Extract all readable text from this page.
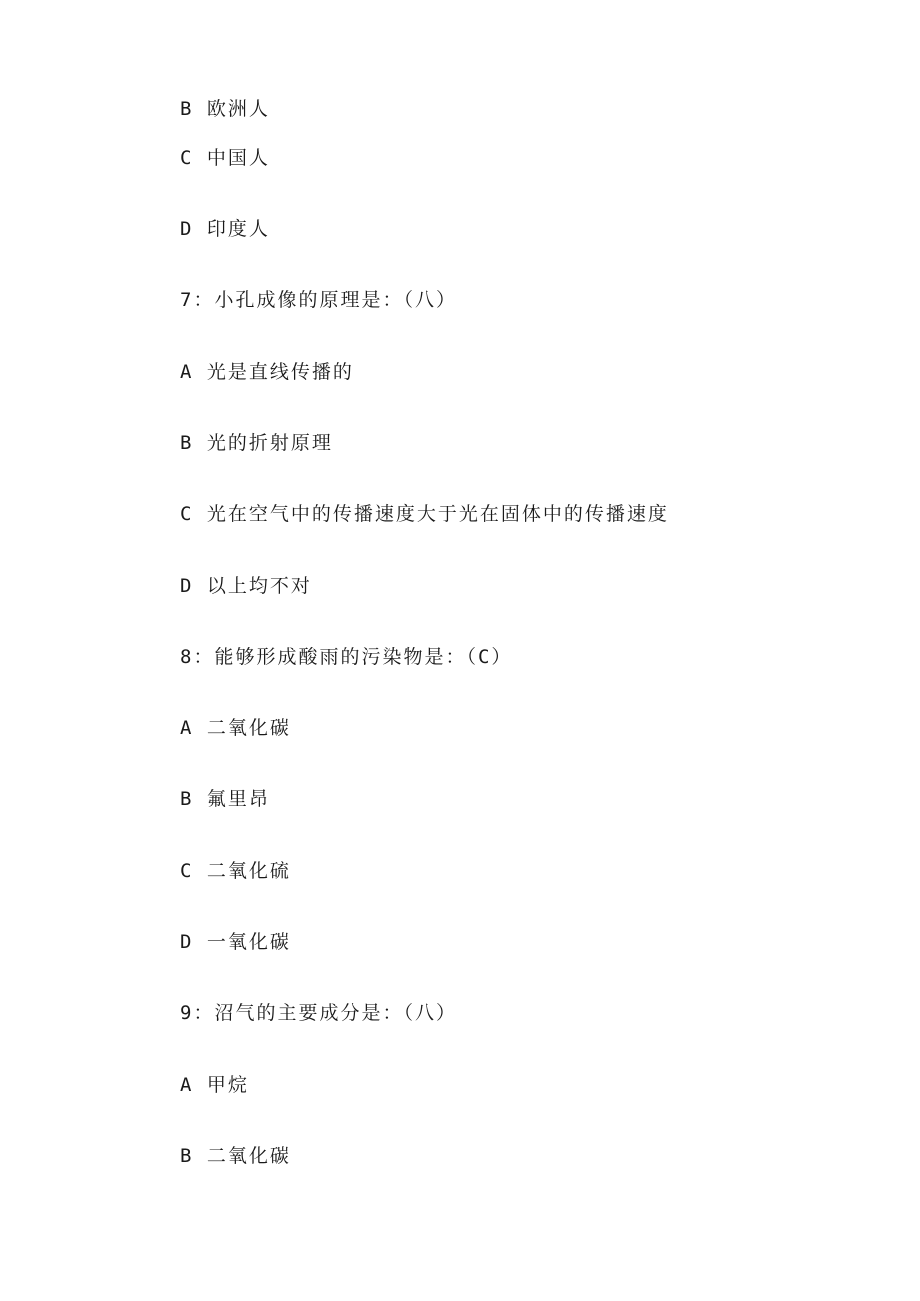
B 欧洲人
C 中国人
D 印度人
7：小孔成像的原理是：（八）
A 光是直线传播的
B 光的折射原理
C 光在空气中的传播速度大于光在固体中的传播速度
D 以上均不对
8：能够形成酸雨的污染物是：（C）
A 二氧化碳
B 氟里昂
C 二氧化硫
D 一氧化碳
9：沼气的主要成分是：（八）
A 甲烷
B 二氧化碳
